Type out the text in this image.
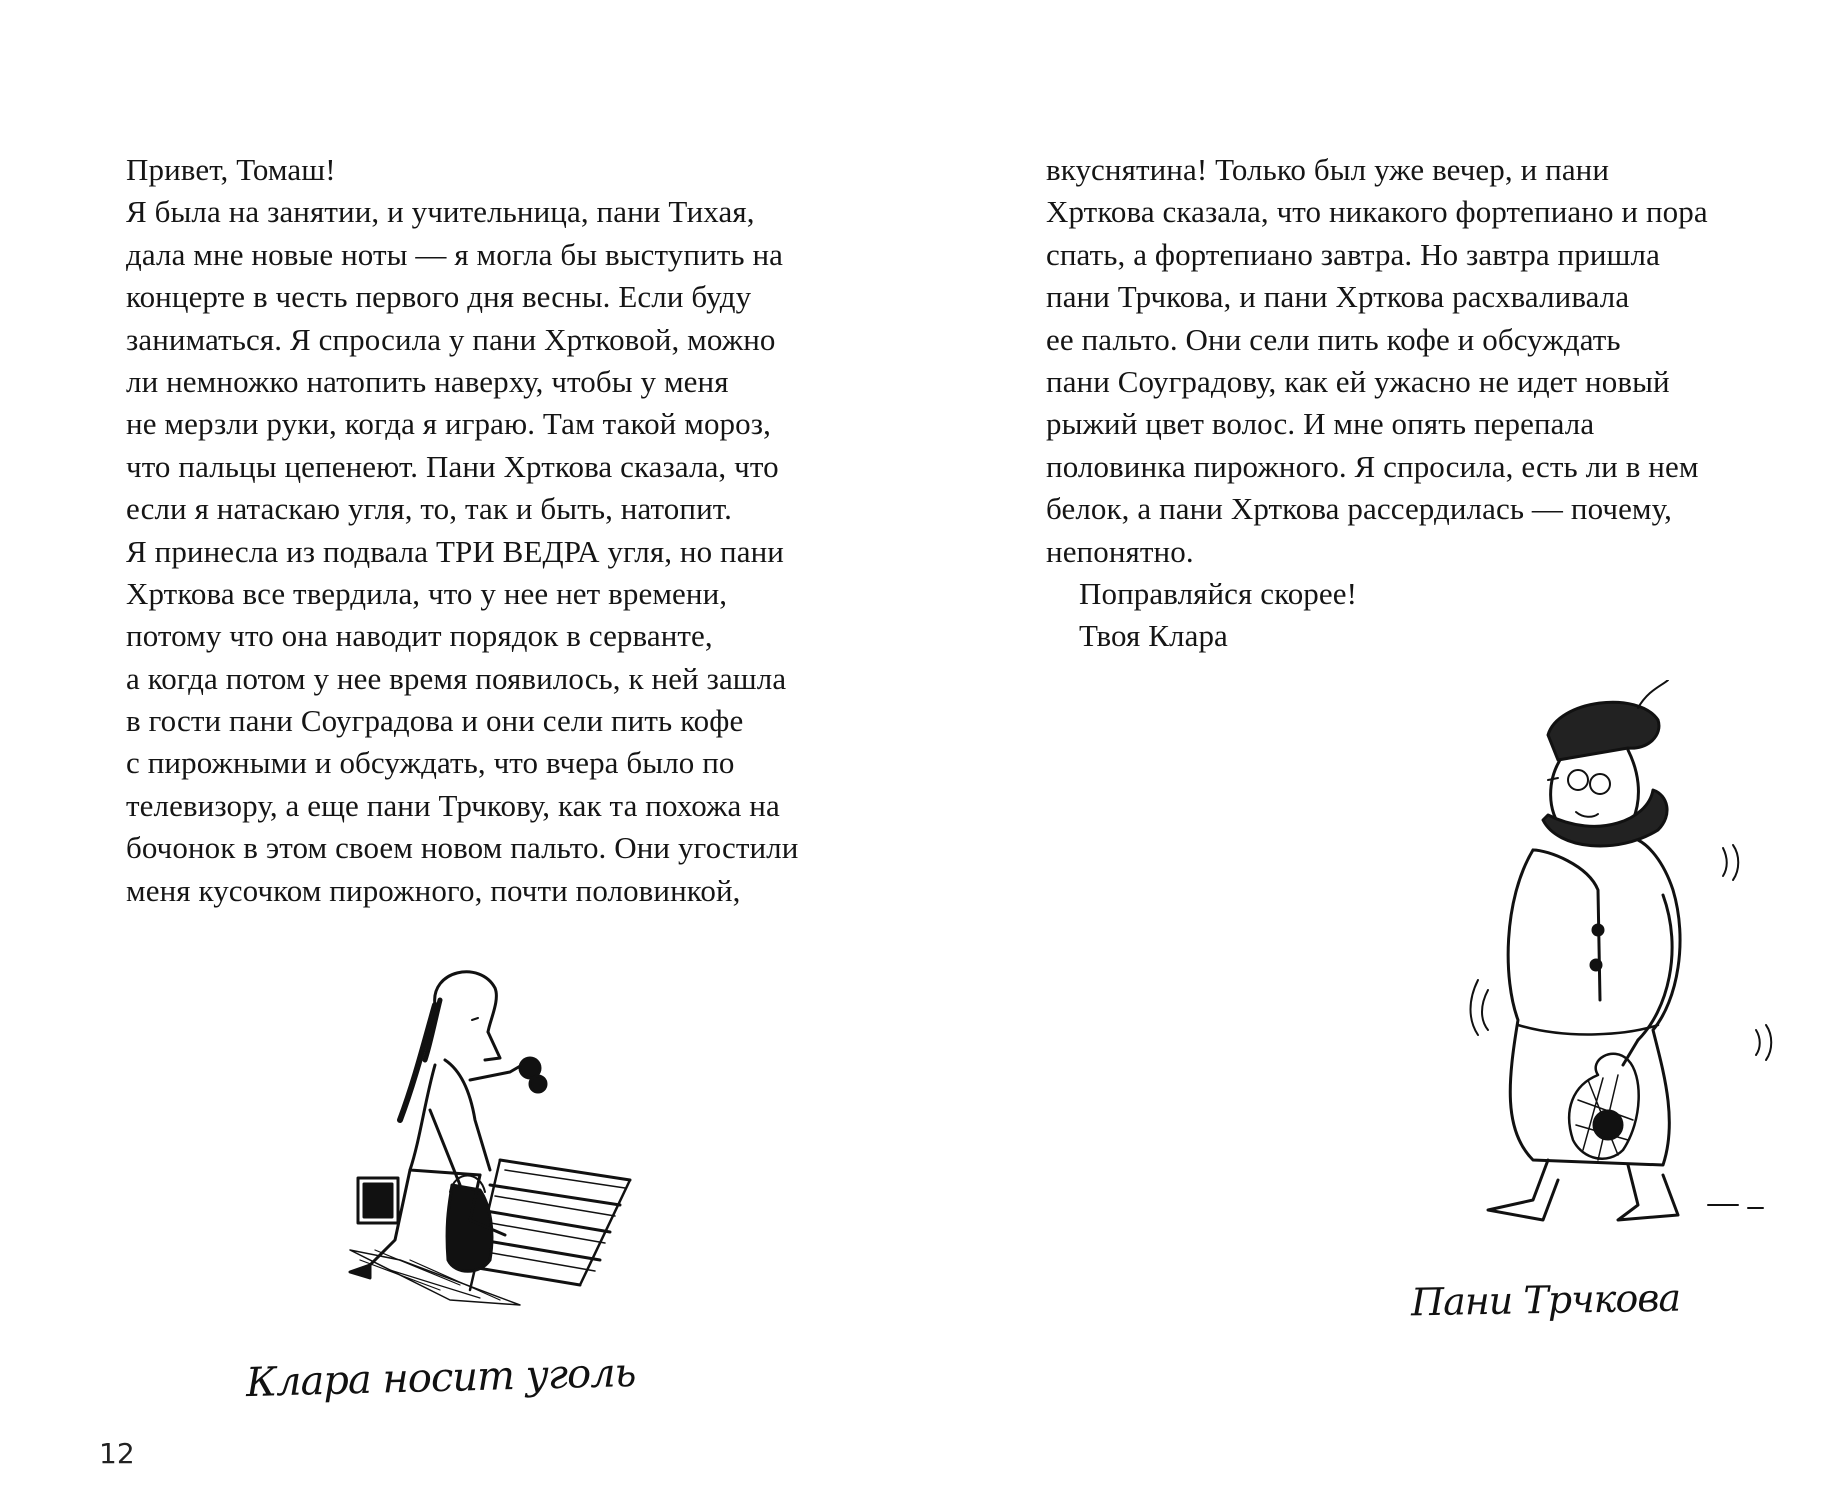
Привет, Томаш!
Я была на занятии, и учительница, пани Тихая,
дала мне новые ноты — я могла бы выступить на
концерте в честь первого дня весны. Если буду
заниматься. Я спросила у пани Хртковой, можно
ли немножко натопить наверху, чтобы у меня
не мерзли руки, когда я играю. Там такой мороз,
что пальцы цепенеют. Пани Хрткова сказала, что
если я натаскаю угля, то, так и быть, натопит.
Я принесла из подвала ТРИ ВЕДРА угля, но пани
Хрткова все твердила, что у нее нет времени,
потому что она наводит порядок в серванте,
а когда потом у нее время появилось, к ней зашла
в гости пани Соуградова и они сели пить кофе
с пирожными и обсуждать, что вчера было по
телевизору, а еще пани Трчкову, как та похожа на
бочонок в этом своем новом пальто. Они угостили
меня кусочком пирожного, почти половинкой,
Клара носит уголь
12
вкуснятина! Только был уже вечер, и пани
Хрткова сказала, что никакого фортепиано и пора
спать, а фортепиано завтра. Но завтра пришла
пани Трчкова, и пани Хрткова расхваливала
ее пальто. Они сели пить кофе и обсуждать
пани Соуградову, как ей ужасно не идет новый
рыжий цвет волос. И мне опять перепала
половинка пирожного. Я спросила, есть ли в нем
белок, а пани Хрткова рассердилась — почему,
непонятно.
Поправляйся скорее!
Твоя Клара
Пани Трчкова
